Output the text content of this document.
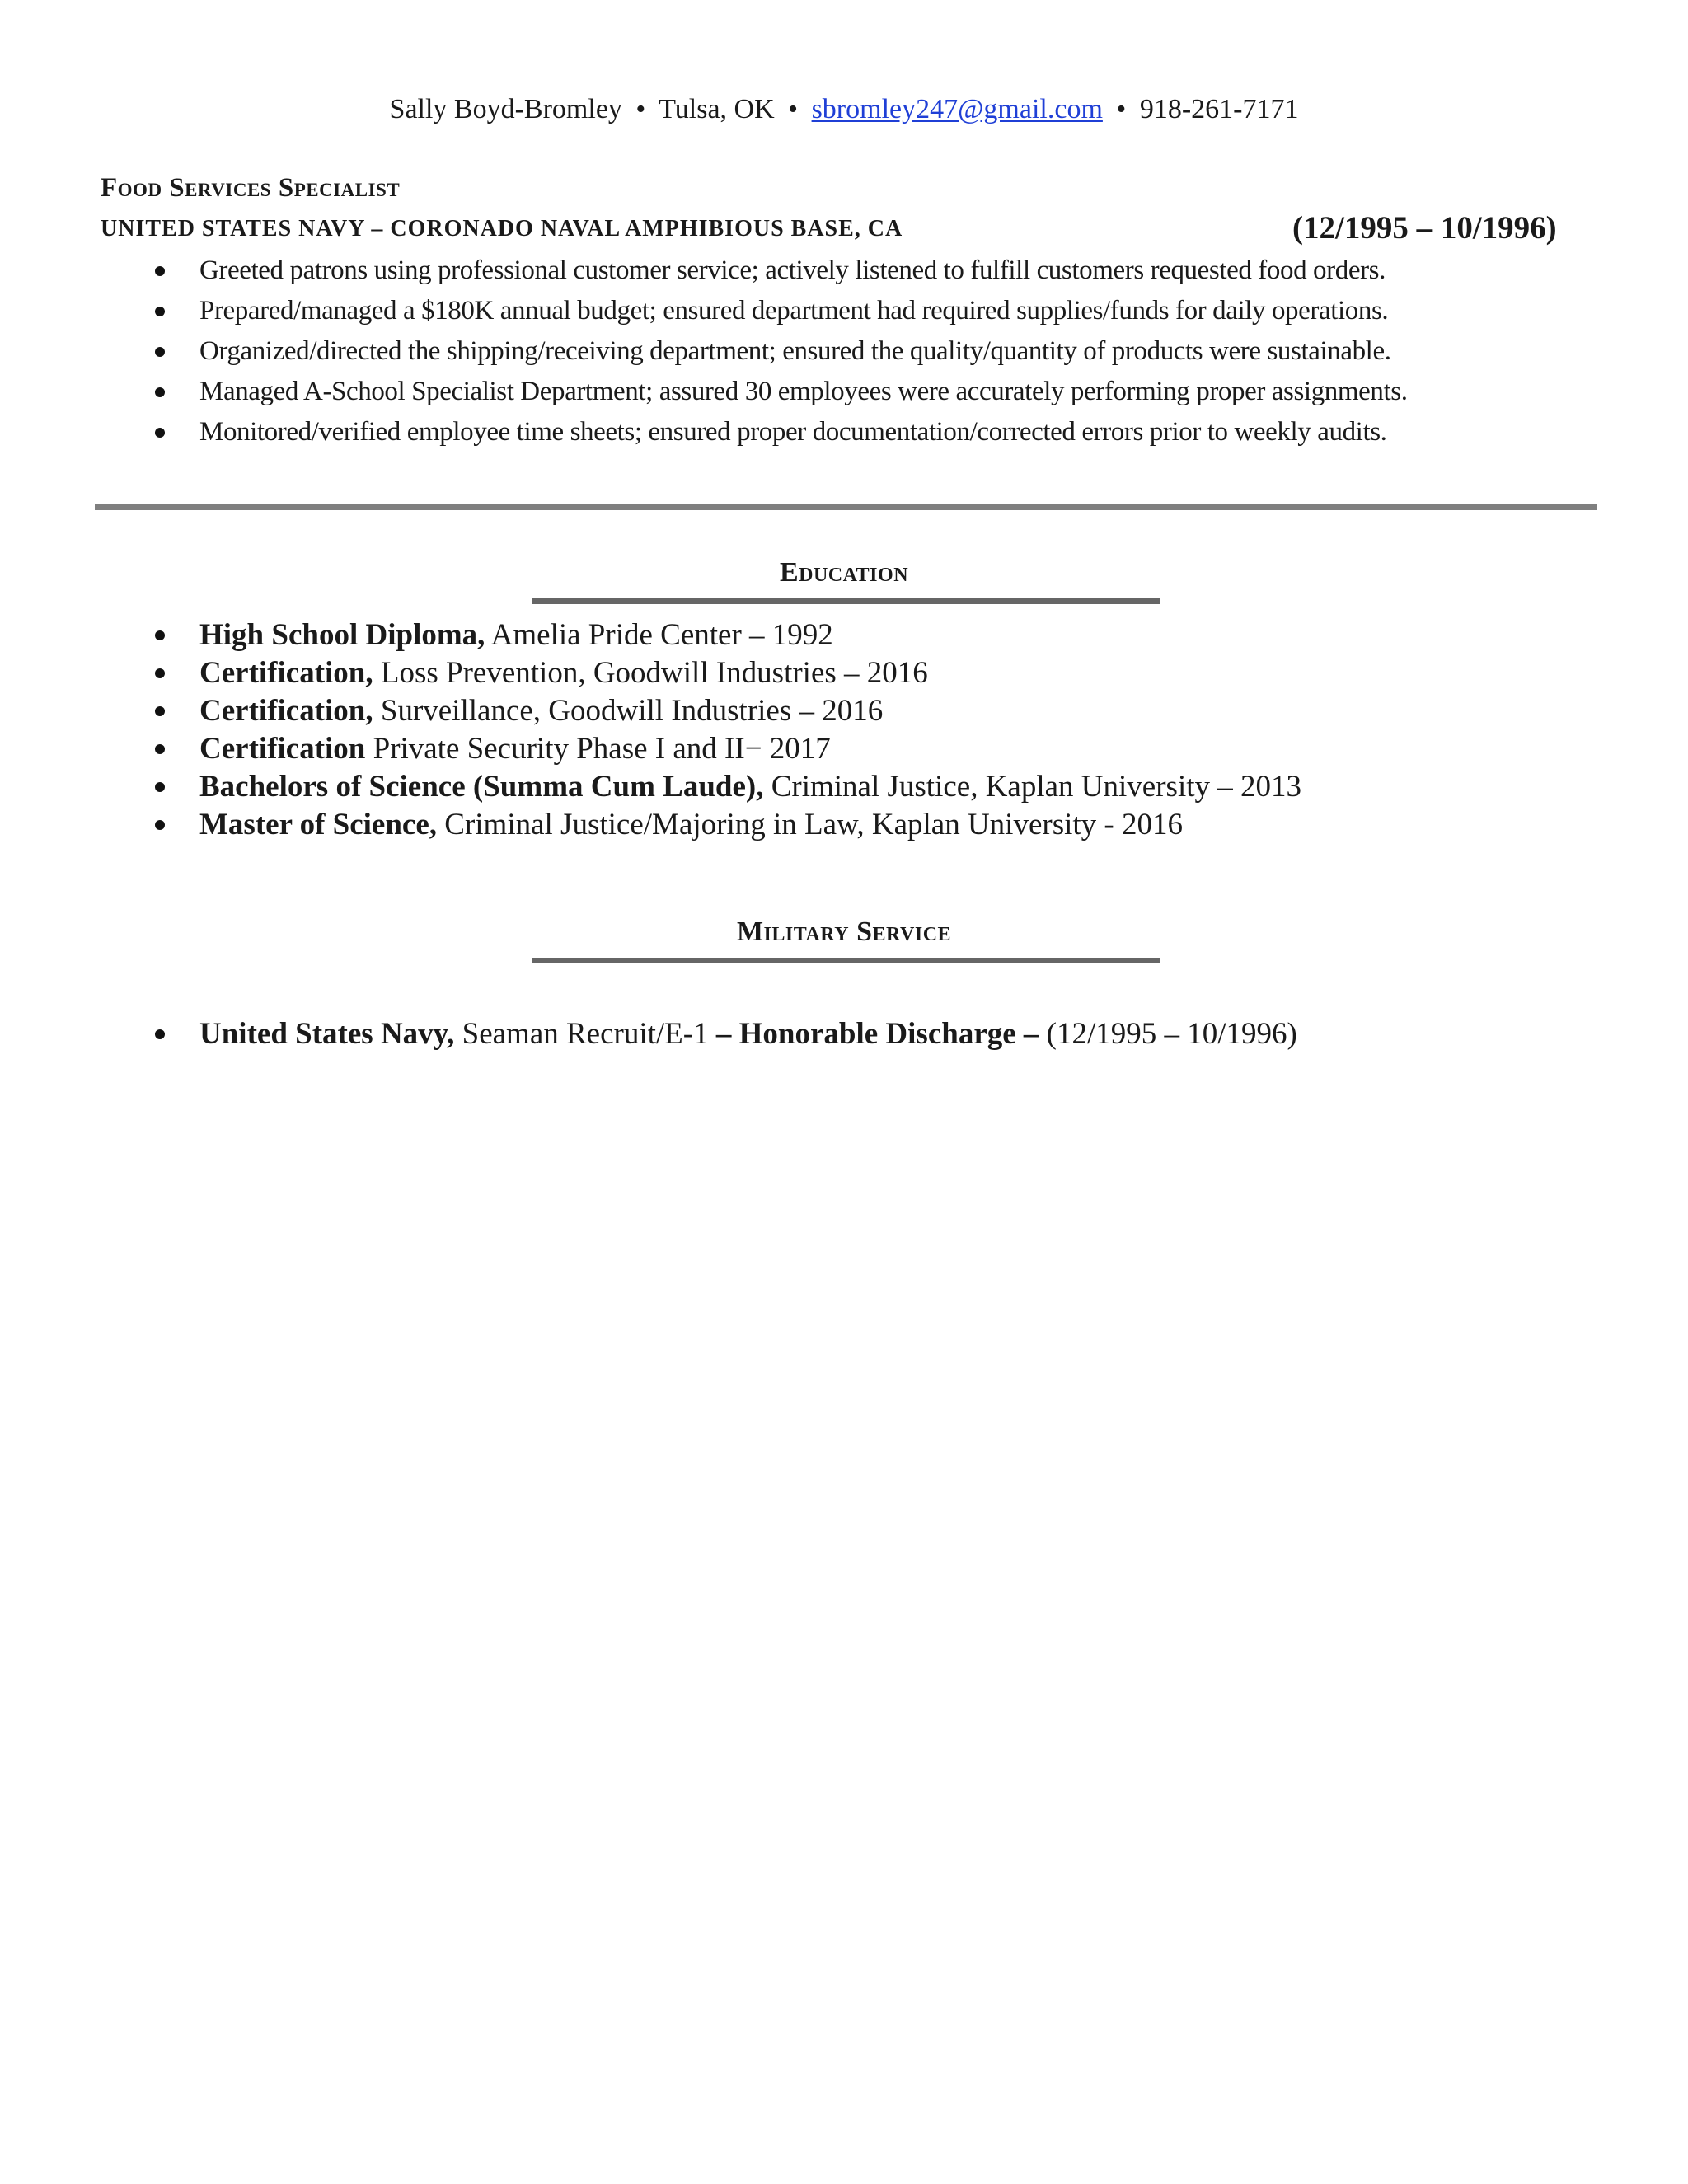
Sally Boyd-Bromley • Tulsa, OK • sbromley247@gmail.com • 918-261-7171
Food Services Specialist
UNITED STATES NAVY – CORONADO NAVAL AMPHIBIOUS BASE, CA	(12/1995 – 10/1996)
Greeted patrons using professional customer service; actively listened to fulfill customers requested food orders.
Prepared/managed a $180K annual budget; ensured department had required supplies/funds for daily operations.
Organized/directed the shipping/receiving department; ensured the quality/quantity of products were sustainable.
Managed A-School Specialist Department; assured 30 employees were accurately performing proper assignments.
Monitored/verified employee time sheets; ensured proper documentation/corrected errors prior to weekly audits.
Education
High School Diploma, Amelia Pride Center – 1992
Certification, Loss Prevention, Goodwill Industries – 2016
Certification, Surveillance, Goodwill Industries – 2016
Certification Private Security Phase I and II− 2017
Bachelors of Science (Summa Cum Laude), Criminal Justice, Kaplan University – 2013
Master of Science, Criminal Justice/Majoring in Law, Kaplan University - 2016
Military Service
United States Navy, Seaman Recruit/E-1 – Honorable Discharge – (12/1995 – 10/1996)
